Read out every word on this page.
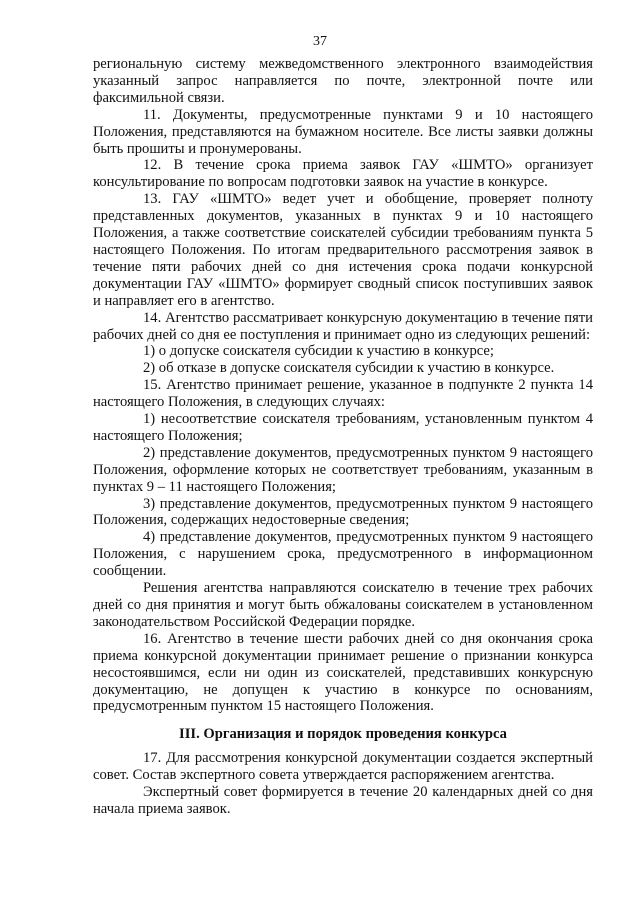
37

региональную систему межведомственного электронного взаимодействия указанный запрос направляется по почте, электронной почте или факсимильной связи.

11. Документы, предусмотренные пунктами 9 и 10 настоящего Положения, представляются на бумажном носителе. Все листы заявки должны быть прошиты и пронумерованы.

12. В течение срока приема заявок ГАУ «ШМТО» организует консультирование по вопросам подготовки заявок на участие в конкурсе.

13. ГАУ «ШМТО» ведет учет и обобщение, проверяет полноту представленных документов, указанных в пунктах 9 и 10 настоящего Положения, а также соответствие соискателей субсидии требованиям пункта 5 настоящего Положения. По итогам предварительного рассмотрения заявок в течение пяти рабочих дней со дня истечения срока подачи конкурсной документации ГАУ «ШМТО» формирует сводный список поступивших заявок и направляет его в агентство.

14. Агентство рассматривает конкурсную документацию в течение пяти рабочих дней со дня ее поступления и принимает одно из следующих решений:

1) о допуске соискателя субсидии к участию в конкурсе;

2) об отказе в допуске соискателя субсидии к участию в конкурсе.

15. Агентство принимает решение, указанное в подпункте 2 пункта 14 настоящего Положения, в следующих случаях:

1) несоответствие соискателя требованиям, установленным пунктом 4 настоящего Положения;

2) представление документов, предусмотренных пунктом 9 настоящего Положения, оформление которых не соответствует требованиям, указанным в пунктах 9 – 11 настоящего Положения;

3) представление документов, предусмотренных пунктом 9 настоящего Положения, содержащих недостоверные сведения;

4) представление документов, предусмотренных пунктом 9 настоящего Положения, с нарушением срока, предусмотренного в информационном сообщении.

Решения агентства направляются соискателю в течение трех рабочих дней со дня принятия и могут быть обжалованы соискателем в установленном законодательством Российской Федерации порядке.

16. Агентство в течение шести рабочих дней со дня окончания срока приема конкурсной документации принимает решение о признании конкурса несостоявшимся, если ни один из соискателей, представивших конкурсную документацию, не допущен к участию в конкурсе по основаниям, предусмотренным пунктом 15 настоящего Положения.

III. Организация и порядок проведения конкурса

17. Для рассмотрения конкурсной документации создается экспертный совет. Состав экспертного совета утверждается распоряжением агентства.

Экспертный совет формируется в течение 20 календарных дней со дня начала приема заявок.
